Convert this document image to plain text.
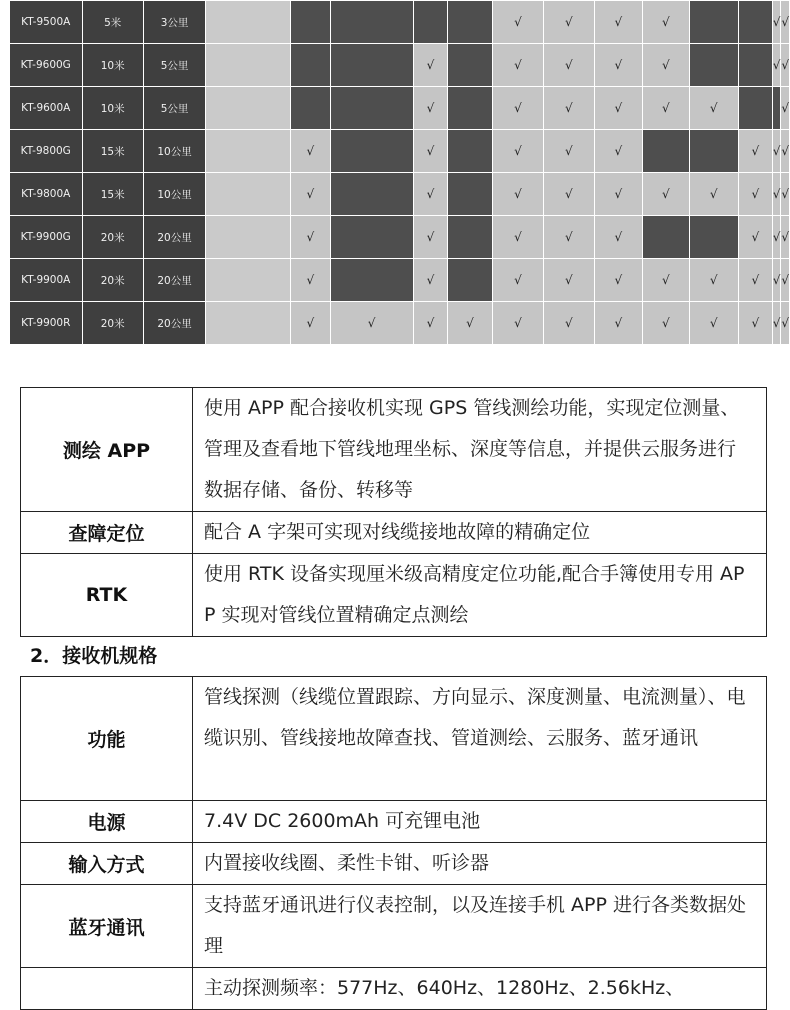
KT-9500A	5米	3公里						√	√	√	√			√	√
KT-9600G	10米	5公里				√		√	√	√	√			√	√
KT-9600A	10米	5公里				√		√	√	√	√	√			√
KT-9800G	15米	10公里		√		√		√	√	√			√	√	√
KT-9800A	15米	10公里		√		√		√	√	√	√	√	√	√	√
KT-9900G	20米	20公里		√		√		√	√	√			√	√	√
KT-9900A	20米	20公里		√		√		√	√	√	√	√	√	√	√
KT-9900R	20米	20公里		√	√	√	√	√	√	√	√	√	√	√	√
测绘 APP	使用 APP 配合接收机实现 GPS 管线测绘功能，实现定位测量、管理及查看地下管线地理坐标、深度等信息，并提供云服务进行数据存储、备份、转移等
查障定位	配合 A 字架可实现对线缆接地故障的精确定位
RTK	使用 RTK 设备实现厘米级高精度定位功能,配合手簿使用专用 APP 实现对管线位置精确定点测绘
2．接收机规格
功能	管线探测（线缆位置跟踪、方向显示、深度测量、电流测量）、电缆识别、管线接地故障查找、管道测绘、云服务、蓝牙通讯
电源	7.4V DC 2600mAh 可充锂电池
输入方式	内置接收线圈、柔性卡钳、听诊器
蓝牙通讯	支持蓝牙通讯进行仪表控制，以及连接手机 APP 进行各类数据处理
	主动探测频率：577Hz、640Hz、1280Hz、2.56kHz、
